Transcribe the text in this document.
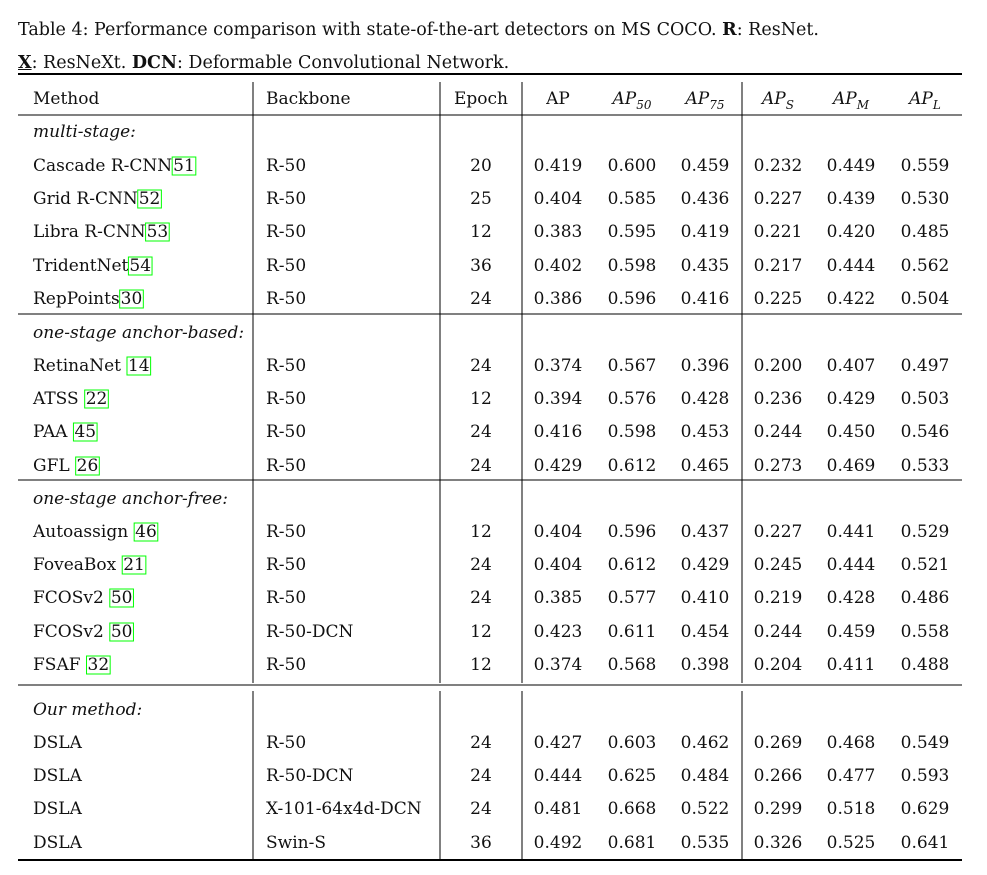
Table 4: Performance comparison with state-of-the-art detectors on MS COCO. R: ResNet.
X: ResNeXt. DCN: Deformable Convolutional Network.
Method	Backbone	Epoch AP	$AP_{50}$ $AP_{75}$ $AP_S$ $AP_M$ $AP_L$
multi-stage:
Cascade R-CNN 51	R-50	20 0.419 0.600 0.459 0.232 0.449 0.559
Grid R-CNN 52	R-50	25 0.404 0.585 0.436 0.227 0.439 0.530
Libra R-CNN 53	R-50	12 0.383 0.595 0.419 0.221 0.420 0.485
TridentNet 54	R-50	36 0.402 0.598 0.435 0.217 0.444 0.562
RepPoints 30	R-50	24 0.386 0.596 0.416 0.225 0.422 0.504
one-stage anchor-based:
RetinaNet 14	R-50	24 0.374 0.567 0.396 0.200 0.407 0.497
ATSS 22	R-50	12 0.394 0.576 0.428 0.236 0.429 0.503
PAA 45	R-50	24 0.416 0.598 0.453 0.244 0.450 0.546
GFL 26	R-50	24 0.429 0.612 0.465 0.273 0.469 0.533
one-stage anchor-free:
Autoassign 46	R-50	12 0.404 0.596 0.437 0.227 0.441 0.529
FoveaBox 21	R-50	24 0.404 0.612 0.429 0.245 0.444 0.521
FCOSv2 50	R-50	24 0.385 0.577 0.410 0.219 0.428 0.486
FCOSv2 50	R-50-DCN	12 0.423 0.611 0.454 0.244 0.459 0.558
FSAF 32	R-50	12 0.374 0.568 0.398 0.204 0.411 0.488
Our method:
DSLA	R-50	24 0.427 0.603 0.462 0.269 0.468 0.549
DSLA	R-50-DCN	24 0.444 0.625 0.484 0.266 0.477 0.593
DSLA	X-101-64x4d-DCN	24 0.481 0.668 0.522 0.299 0.518 0.629
DSLA	Swin-S	36 0.492 0.681 0.535 0.326 0.525 0.641
